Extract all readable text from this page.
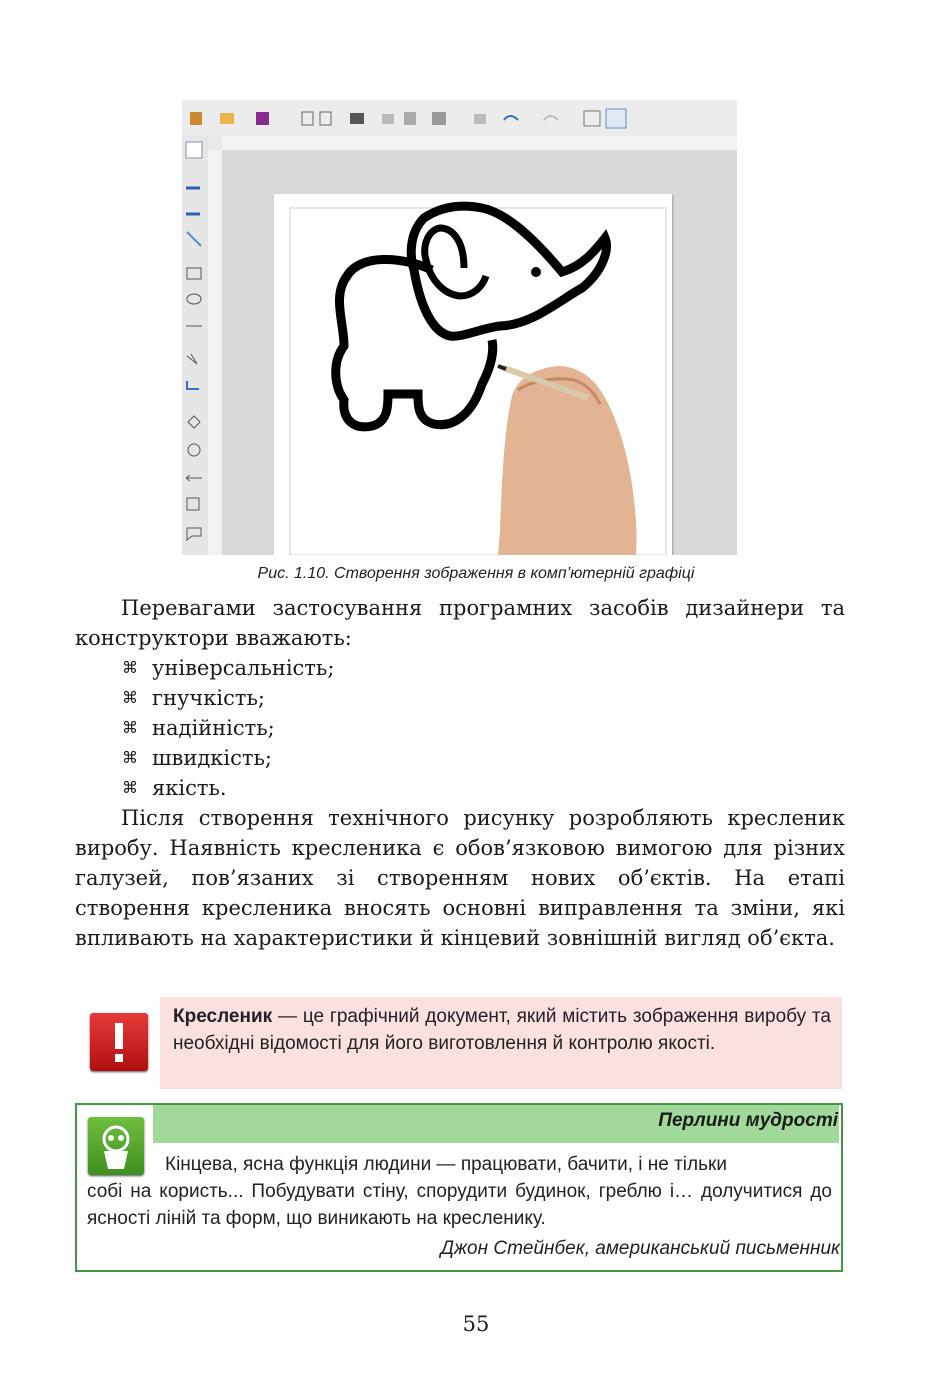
Рис. 1.10. Створення зображення в комп’ютерній графіці

Перевагами застосування програмних засобів дизайнери та конструктори вважають:

⌘ універсальність;
⌘ гнучкість;
⌘ надійність;
⌘ швидкість;
⌘ якість.

Після створення технічного рисунку розробляють кресленик виробу. Наявність кресленика є обов’язковою вимогою для різних галузей, пов’язаних зі створенням нових об’єктів. На етапі створення кресленика вносять основні виправлення та зміни, які впливають на характеристики й кінцевий зовнішній вигляд об’єкта.

Кресленик — це графічний документ, який містить зображення виробу та необхідні відомості для його виготовлення й контролю якості.
Перлини мудрості
Кінцева, ясна функція людини — працювати, бачити, і не тільки
собі на користь... Побудувати стіну, спорудити будинок, греблю і… долучитися до ясності ліній та форм, що виникають на кресленику.
Джон Стейнбек, американський письменник
55
